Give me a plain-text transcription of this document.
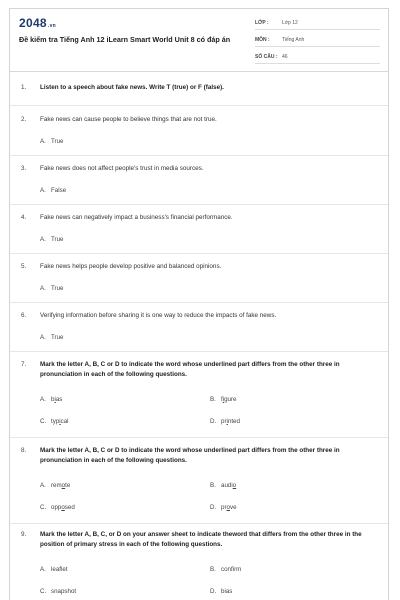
2048.vn
Đề kiểm tra Tiếng Anh 12 iLearn Smart World Unit 8 có đáp án
LỚP :	Lớp 12
MÔN :	Tiếng Anh
SỐ CÂU : 46
1. Listen to a speech about fake news. Write T (true) or F (false).
2. Fake news can cause people to believe things that are not true.
A. True
3. Fake news does not affect people's trust in media sources.
A. False
4. Fake news can negatively impact a business's financial performance.
A. True
5. Fake news helps people develop positive and balanced opinions.
A. True
6. Verifying information before sharing it is one way to reduce the impacts of fake news.
A. True
7. Mark the letter A, B, C or D to indicate the word whose underlined part differs from the other three in pronunciation in each of the following questions.
A. bias	B. figure
C. typical	D. printed
8. Mark the letter A, B, C or D to indicate the word whose underlined part differs from the other three in pronunciation in each of the following questions.
A. remote	B. audio
C. opposed	D. prove
9. Mark the letter A, B, C, or D on your answer sheet to indicate theword that differs from the other three in the position of primary stress in each of the following questions.
A. leaflet	B. confirm
C. snapshot	D. bias
